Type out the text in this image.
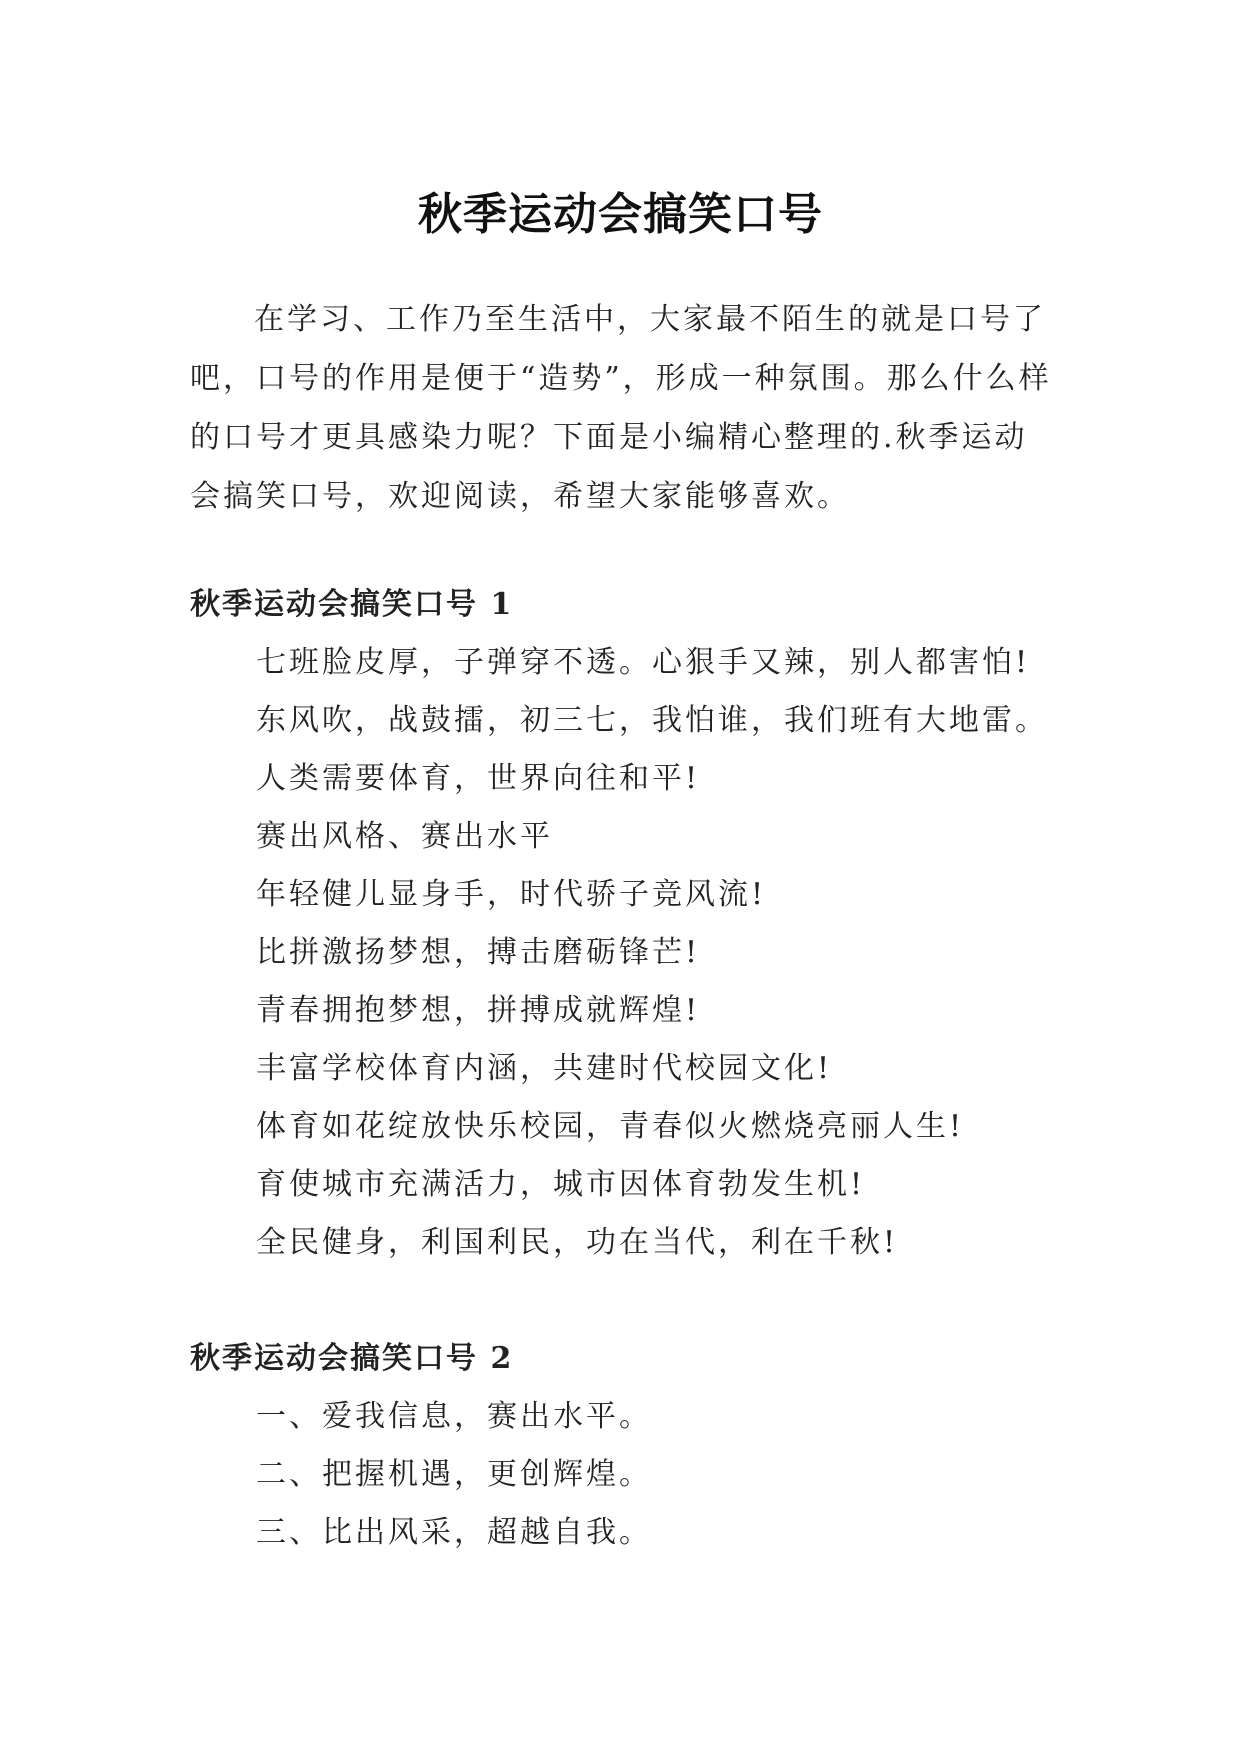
秋季运动会搞笑口号

在学习、工作乃至生活中，大家最不陌生的就是口号了吧，口号的作用是便于“造势”，形成一种氛围。那么什么样的口号才更具感染力呢？下面是小编精心整理的.秋季运动会搞笑口号，欢迎阅读，希望大家能够喜欢。

秋季运动会搞笑口号 1
七班脸皮厚，子弹穿不透。心狠手又辣，别人都害怕!
东风吹，战鼓擂，初三七，我怕谁，我们班有大地雷。
人类需要体育，世界向往和平!
赛出风格、赛出水平
年轻健儿显身手，时代骄子竞风流!
比拼激扬梦想，搏击磨砺锋芒!
青春拥抱梦想，拼搏成就辉煌!
丰富学校体育内涵，共建时代校园文化!
体育如花绽放快乐校园，青春似火燃烧亮丽人生!
育使城市充满活力，城市因体育勃发生机!
全民健身，利国利民，功在当代，利在千秋!
秋季运动会搞笑口号 2
一、爱我信息，赛出水平。
二、把握机遇，更创辉煌。
三、比出风采，超越自我。
